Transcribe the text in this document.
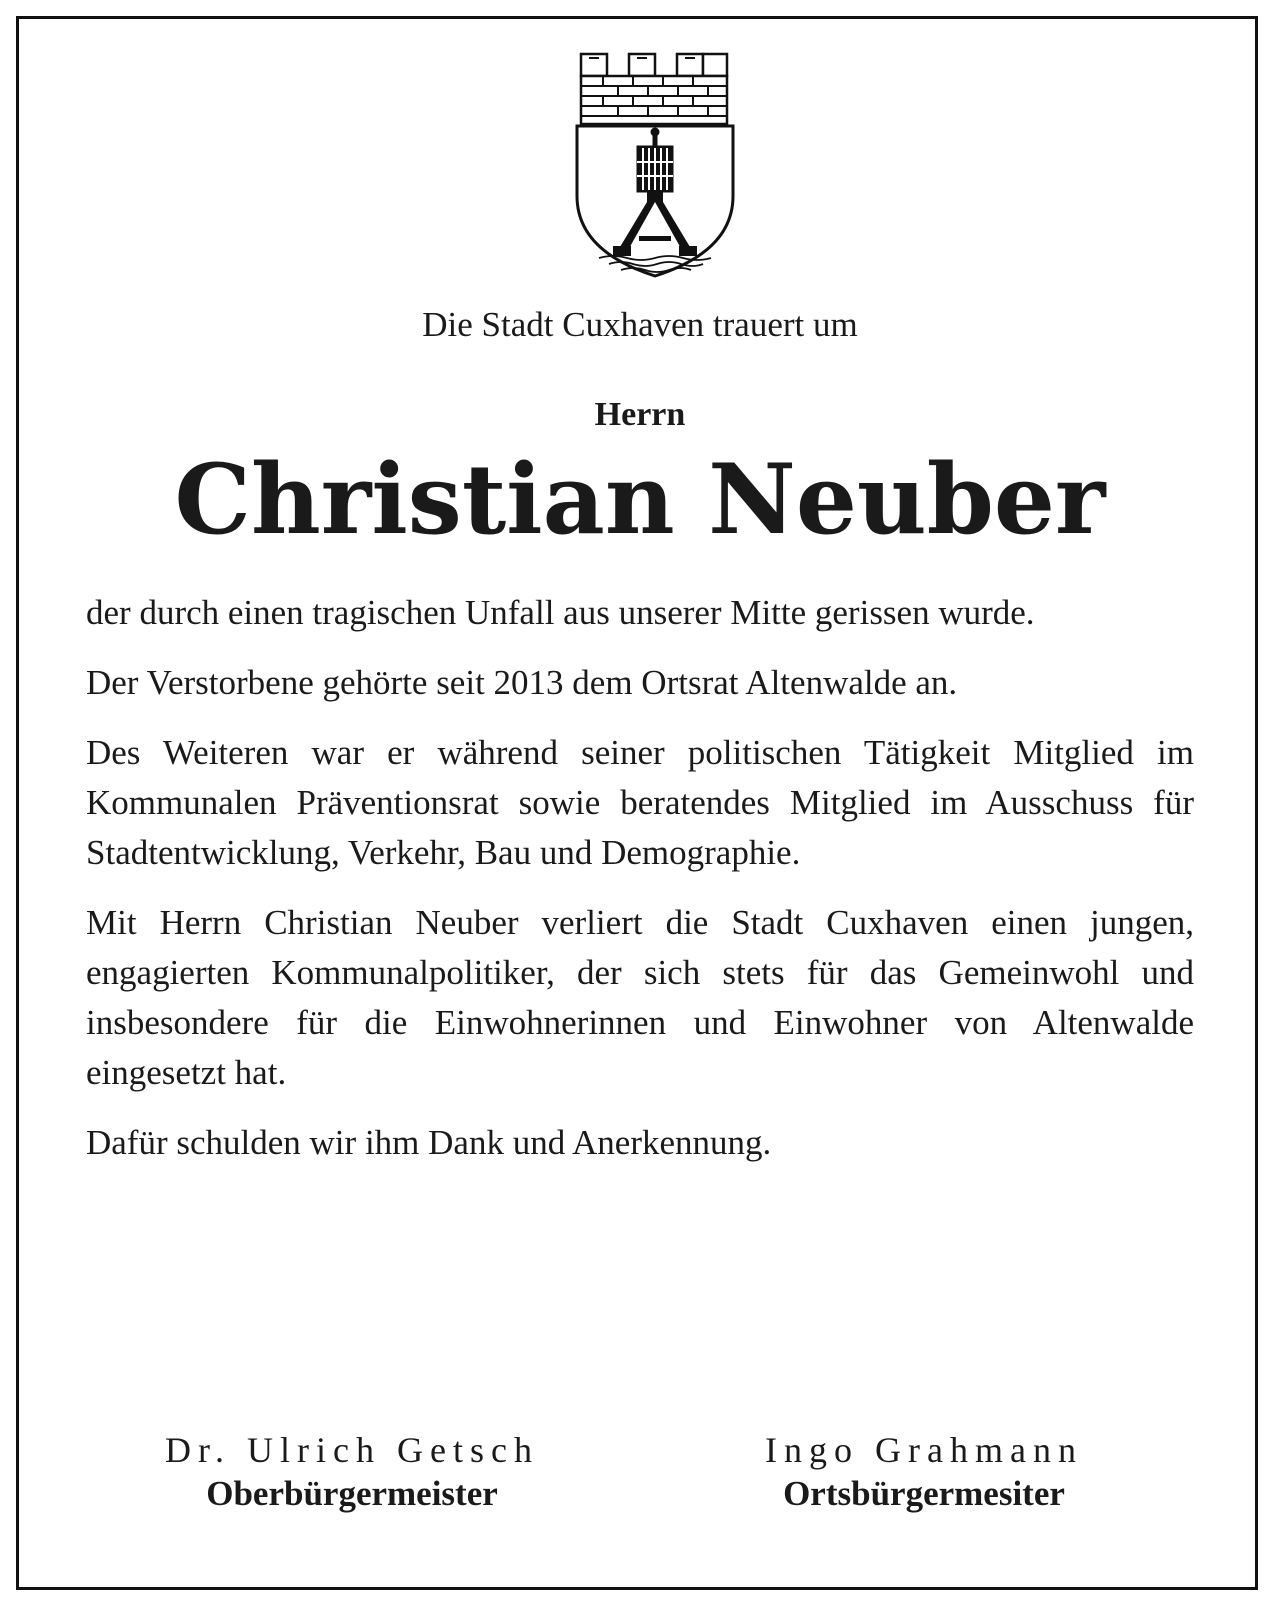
Die Stadt Cuxhaven trauert um
Herrn
Christian Neuber

der durch einen tragischen Unfall aus unserer Mitte gerissen wurde.

Der Verstorbene gehörte seit 2013 dem Ortsrat Altenwalde an.

Des Weiteren war er während seiner politischen Tätigkeit Mitglied im Kommunalen Präventionsrat sowie beratendes Mitglied im Ausschuss für Stadtentwicklung, Verkehr, Bau und Demographie.

Mit Herrn Christian Neuber verliert die Stadt Cuxhaven einen jungen, engagierten Kommunalpolitiker, der sich stets für das Gemeinwohl und insbesondere für die Einwohnerinnen und Einwohner von Altenwalde eingesetzt hat.

Dafür schulden wir ihm Dank und Anerkennung.

Dr. Ulrich Getsch
Oberbürgermeister
Ingo Grahmann
Ortsbürgermesiter
